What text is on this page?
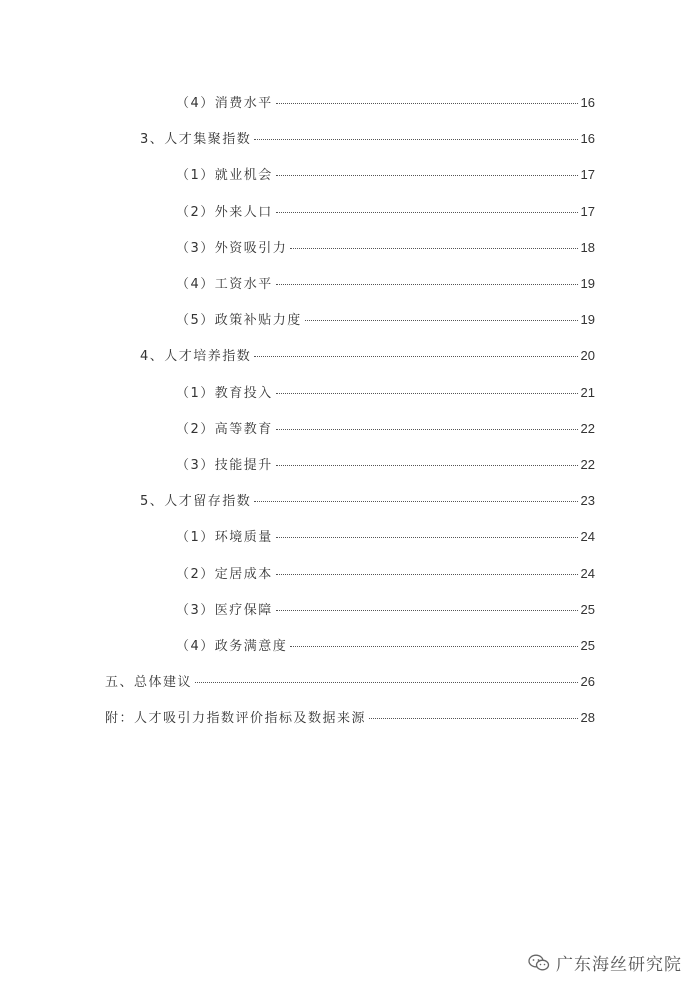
（4）消费水平	16
3、人才集聚指数	16
（1）就业机会	17
（2）外来人口	17
（3）外资吸引力	18
（4）工资水平	19
（5）政策补贴力度	19
4、人才培养指数	20
（1）教育投入	21
（2）高等教育	22
（3）技能提升	22
5、人才留存指数	23
（1）环境质量	24
（2）定居成本	24
（3）医疗保障	25
（4）政务满意度	25
五、总体建议	26
附：人才吸引力指数评价指标及数据来源	28
广东海丝研究院
